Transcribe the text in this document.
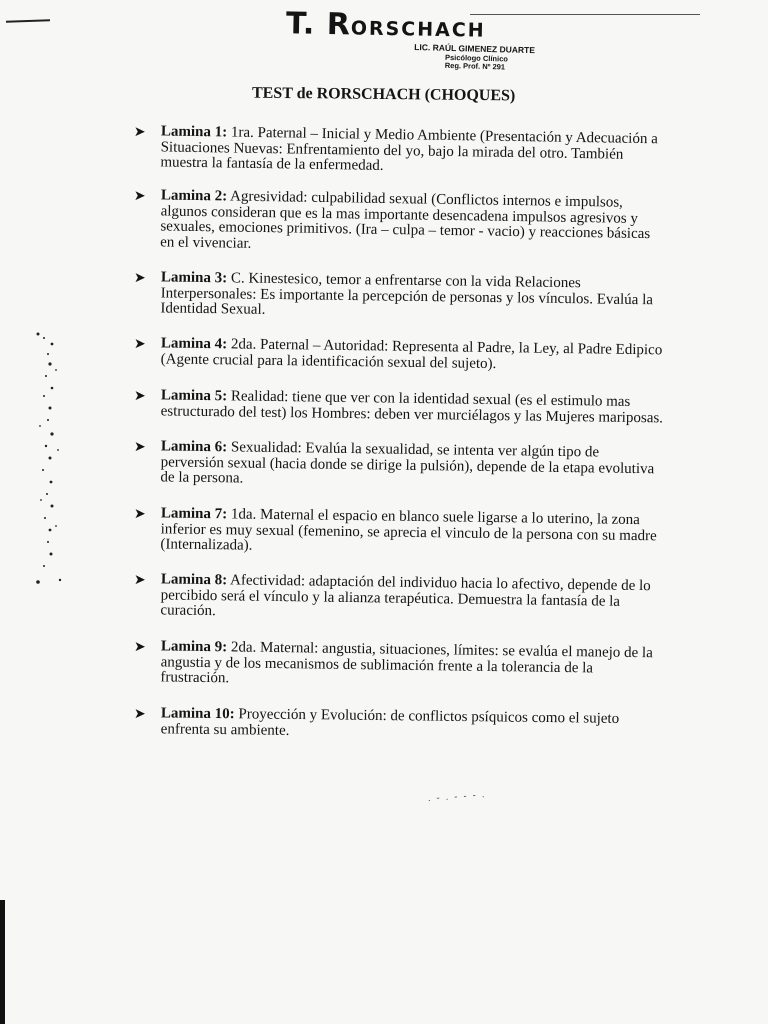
T. RORSCHACH
LIC. RAÚL GIMENEZ DUARTE
Psicólogo Clínico
Reg. Prof. Nº 291
TEST de RORSCHACH (CHOQUES)
➤ Lamina 1: 1ra. Paternal – Inicial y Medio Ambiente (Presentación y Adecuación a Situaciones Nuevas: Enfrentamiento del yo, bajo la mirada del otro. También muestra la fantasía de la enfermedad.
➤ Lamina 2: Agresividad: culpabilidad sexual (Conflictos internos e impulsos, algunos consideran que es la mas importante desencadena impulsos agresivos y sexuales, emociones primitivos. (Ira – culpa – temor - vacio) y reacciones básicas en el vivenciar.
➤ Lamina 3: C. Kinestesico, temor a enfrentarse con la vida Relaciones Interpersonales: Es importante la percepción de personas y los vínculos. Evalúa la Identidad Sexual.
➤ Lamina 4: 2da. Paternal – Autoridad: Representa al Padre, la Ley, al Padre Edipico (Agente crucial para la identificación sexual del sujeto).
➤ Lamina 5: Realidad: tiene que ver con la identidad sexual (es el estimulo mas estructurado del test) los Hombres: deben ver murciélagos y las Mujeres mariposas.
➤ Lamina 6: Sexualidad: Evalúa la sexualidad, se intenta ver algún tipo de perversión sexual (hacia donde se dirige la pulsión), depende de la etapa evolutiva de la persona.
➤ Lamina 7: 1da. Maternal el espacio en blanco suele ligarse a lo uterino, la zona inferior es muy sexual (femenino, se aprecia el vinculo de la persona con su madre (Internalizada).
➤ Lamina 8: Afectividad: adaptación del individuo hacia lo afectivo, depende de lo percibido será el vínculo y la alianza terapéutica. Demuestra la fantasía de la curación.
➤ Lamina 9: 2da. Maternal: angustia, situaciones, límites: se evalúa el manejo de la angustia y de los mecanismos de sublimación frente a la tolerancia de la frustración.
➤ Lamina 10: Proyección y Evolución: de conflictos psíquicos como el sujeto enfrenta su ambiente.
. - . - - - .
